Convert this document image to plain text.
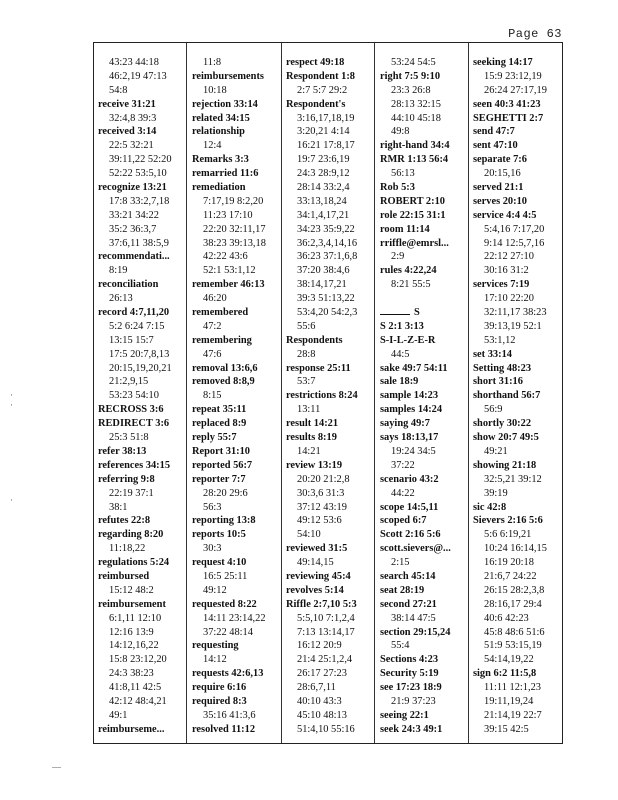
Page 63
·
·
·
—
43:23 44:18
46:2,19 47:13
54:8
receive 31:21
32:4,8 39:3
received 3:14
22:5 32:21
39:11,22 52:20
52:22 53:5,10
recognize 13:21
17:8 33:2,7,18
33:21 34:22
35:2 36:3,7
37:6,11 38:5,9
recommendati...
8:19
reconciliation
26:13
record 4:7,11,20
5:2 6:24 7:15
13:15 15:7
17:5 20:7,8,13
20:15,19,20,21
21:2,9,15
53:23 54:10
RECROSS 3:6
REDIRECT 3:6
25:3 51:8
refer 38:13
references 34:15
referring 9:8
22:19 37:1
38:1
refutes 22:8
regarding 8:20
11:18,22
regulations 5:24
reimbursed
15:12 48:2
reimbursement
6:1,11 12:10
12:16 13:9
14:12,16,22
15:8 23:12,20
24:3 38:23
41:8,11 42:5
42:12 48:4,21
49:1
reimburseme...
11:8
reimbursements
10:18
rejection 33:14
related 34:15
relationship
12:4
Remarks 3:3
remarried 11:6
remediation
7:17,19 8:2,20
11:23 17:10
22:20 32:11,17
38:23 39:13,18
42:22 43:6
52:1 53:1,12
remember 46:13
46:20
remembered
47:2
remembering
47:6
removal 13:6,6
removed 8:8,9
8:15
repeat 35:11
replaced 8:9
reply 55:7
Report 31:10
reported 56:7
reporter 7:7
28:20 29:6
56:3
reporting 13:8
reports 10:5
30:3
request 4:10
16:5 25:11
49:12
requested 8:22
14:11 23:14,22
37:22 48:14
requesting
14:12
requests 42:6,13
require 6:16
required 8:3
35:16 41:3,6
resolved 11:12
respect 49:18
Respondent 1:8
2:7 5:7 29:2
Respondent's
3:16,17,18,19
3:20,21 4:14
16:21 17:8,17
19:7 23:6,19
24:3 28:9,12
28:14 33:2,4
33:13,18,24
34:1,4,17,21
34:23 35:9,22
36:2,3,4,14,16
36:23 37:1,6,8
37:20 38:4,6
38:14,17,21
39:3 51:13,22
53:4,20 54:2,3
55:6
Respondents
28:8
response 25:11
53:7
restrictions 8:24
13:11
result 14:21
results 8:19
14:21
review 13:19
20:20 21:2,8
30:3,6 31:3
37:12 43:19
49:12 53:6
54:10
reviewed 31:5
49:14,15
reviewing 45:4
revolves 5:14
Riffle 2:7,10 5:3
5:5,10 7:1,2,4
7:13 13:14,17
16:12 20:9
21:4 25:1,2,4
26:17 27:23
28:6,7,11
40:10 43:3
45:10 48:13
51:4,10 55:16
53:24 54:5
right 7:5 9:10
23:3 26:8
28:13 32:15
44:10 45:18
49:8
right-hand 34:4
RMR 1:13 56:4
56:13
Rob 5:3
ROBERT 2:10
role 22:15 31:1
room 11:14
rriffle@emrsl...
2:9
rules 4:22,24
8:21 55:5
S
S 2:1 3:13
S-I-L-Z-E-R
44:5
sake 49:7 54:11
sale 18:9
sample 14:23
samples 14:24
saying 49:7
says 18:13,17
19:24 34:5
37:22
scenario 43:2
44:22
scope 14:5,11
scoped 6:7
Scott 2:16 5:6
scott.sievers@...
2:15
search 45:14
seat 28:19
second 27:21
38:14 47:5
section 29:15,24
55:4
Sections 4:23
Security 5:19
see 17:23 18:9
21:9 37:23
seeing 22:1
seek 24:3 49:1
seeking 14:17
15:9 23:12,19
26:24 27:17,19
seen 40:3 41:23
SEGHETTI 2:7
send 47:7
sent 47:10
separate 7:6
20:15,16
served 21:1
serves 20:10
service 4:4 4:5
5:4,16 7:17,20
9:14 12:5,7,16
22:12 27:10
30:16 31:2
services 7:19
17:10 22:20
32:11,17 38:23
39:13,19 52:1
53:1,12
set 33:14
Setting 48:23
short 31:16
shorthand 56:7
56:9
shortly 30:22
show 20:7 49:5
49:21
showing 21:18
32:5,21 39:12
39:19
sic 42:8
Sievers 2:16 5:6
5:6 6:19,21
10:24 16:14,15
16:19 20:18
21:6,7 24:22
26:15 28:2,3,8
28:16,17 29:4
40:6 42:23
45:8 48:6 51:6
51:9 53:15,19
54:14,19,22
sign 6:2 11:5,8
11:11 12:1,23
19:11,19,24
21:14,19 22:7
39:15 42:5
